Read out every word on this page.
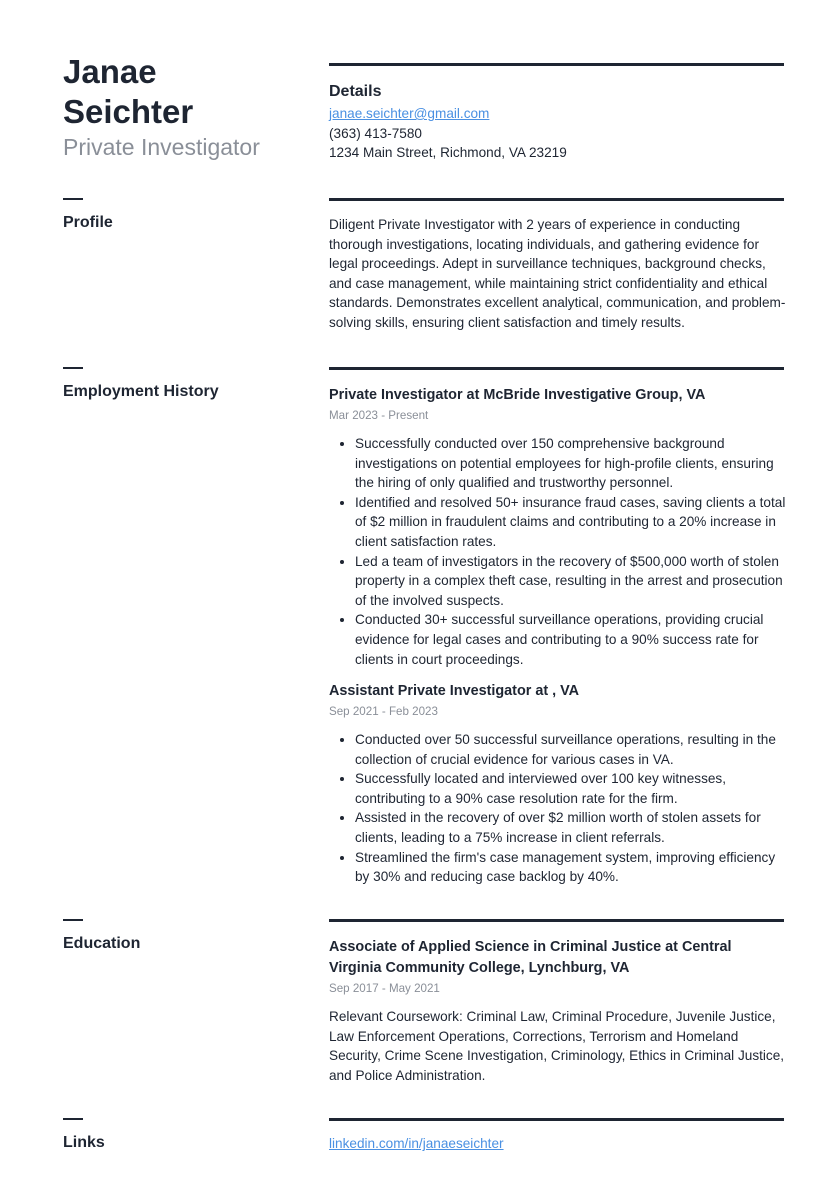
Janae
Seichter
Private Investigator
Details
janae.seichter@gmail.com
(363) 413-7580
1234 Main Street, Richmond, VA 23219
Profile	Diligent Private Investigator with 2 years of experience in conducting thorough investigations, locating individuals, and gathering evidence for legal proceedings. Adept in surveillance techniques, background checks, and case management, while maintaining strict confidentiality and ethical standards. Demonstrates excellent analytical, communication, and problem-solving skills, ensuring client satisfaction and timely results.

Employment History	Private Investigator at McBride Investigative Group, VA
Mar 2023 - Present
• Successfully conducted over 150 comprehensive background investigations on potential employees for high-profile clients, ensuring the hiring of only qualified and trustworthy personnel.
• Identified and resolved 50+ insurance fraud cases, saving clients a total of $2 million in fraudulent claims and contributing to a 20% increase in client satisfaction rates.
• Led a team of investigators in the recovery of $500,000 worth of stolen property in a complex theft case, resulting in the arrest and prosecution of the involved suspects.
• Conducted 30+ successful surveillance operations, providing crucial evidence for legal cases and contributing to a 90% success rate for clients in court proceedings.
Assistant Private Investigator at , VA
Sep 2021 - Feb 2023
• Conducted over 50 successful surveillance operations, resulting in the collection of crucial evidence for various cases in VA.
• Successfully located and interviewed over 100 key witnesses, contributing to a 90% case resolution rate for the firm.
• Assisted in the recovery of over $2 million worth of stolen assets for clients, leading to a 75% increase in client referrals.
• Streamlined the firm's case management system, improving efficiency by 30% and reducing case backlog by 40%.
Education	Associate of Applied Science in Criminal Justice at Central Virginia Community College, Lynchburg, VA
Sep 2017 - May 2021

Relevant Coursework: Criminal Law, Criminal Procedure, Juvenile Justice, Law Enforcement Operations, Corrections, Terrorism and Homeland Security, Crime Scene Investigation, Criminology, Ethics in Criminal Justice, and Police Administration.

Links	linkedin.com/in/janaeseichter
